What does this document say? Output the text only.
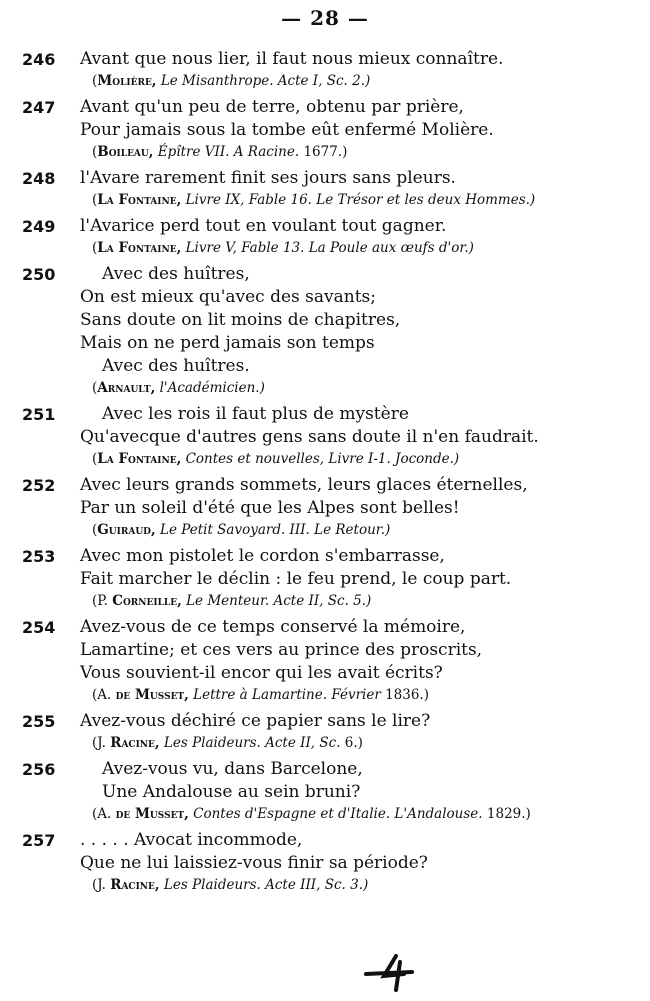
— 28 —
246 Avant que nous lier, il faut nous mieux connaître.
(Molière, Le Misanthrope. Acte I, Sc. 2.)
247 Avant qu'un peu de terre, obtenu par prière,
Pour jamais sous la tombe eût enfermé Molière.
(Boileau, Épître VII. A Racine. 1677.)
248 l'Avare rarement finit ses jours sans pleurs.
(La Fontaine, Livre IX, Fable 16. Le Trésor et les deux Hommes.)
249 l'Avarice perd tout en voulant tout gagner.
(La Fontaine, Livre V, Fable 13. La Poule aux œufs d'or.)
250	Avec des huîtres,
On est mieux qu'avec des savants;
Sans doute on lit moins de chapitres,
Mais on ne perd jamais son temps
Avec des huîtres.
(Arnault, l'Académicien.)
251	Avec les rois il faut plus de mystère
Qu'avecque d'autres gens sans doute il n'en faudrait.
(La Fontaine, Contes et nouvelles, Livre I-1. Joconde.)
252 Avec leurs grands sommets, leurs glaces éternelles,
Par un soleil d'été que les Alpes sont belles!
(Guiraud, Le Petit Savoyard. III. Le Retour.)
253 Avec mon pistolet le cordon s'embarrasse,
Fait marcher le déclin : le feu prend, le coup part.
(P. Corneille, Le Menteur. Acte II, Sc. 5.)
254 Avez-vous de ce temps conservé la mémoire,
Lamartine; et ces vers au prince des proscrits,
Vous souvient-il encor qui les avait écrits?
(A. de Musset, Lettre à Lamartine. Février 1836.)
255 Avez-vous déchiré ce papier sans le lire?
(J. Racine, Les Plaideurs. Acte II, Sc. 6.)
256	Avez-vous vu, dans Barcelone,
Une Andalouse au sein bruni?
(A. de Musset, Contes d'Espagne et d'Italie. L'Andalouse. 1829.)
257 . . . . . Avocat incommode,
Que ne lui laissiez-vous finir sa période?
(J. Racine, Les Plaideurs. Acte III, Sc. 3.)
